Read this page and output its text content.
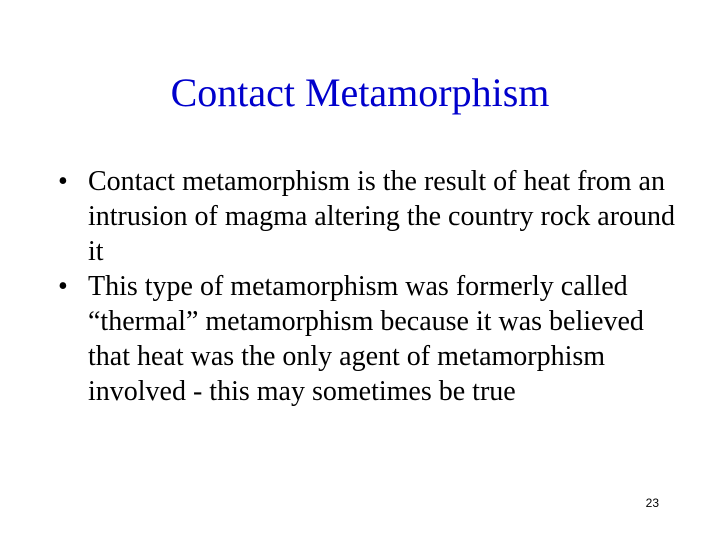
Contact Metamorphism
• Contact metamorphism is the result of heat from an intrusion of magma altering the country rock around it
• This type of metamorphism was formerly called “thermal” metamorphism because it was believed that heat was the only agent of metamorphism involved - this may sometimes be true
23
